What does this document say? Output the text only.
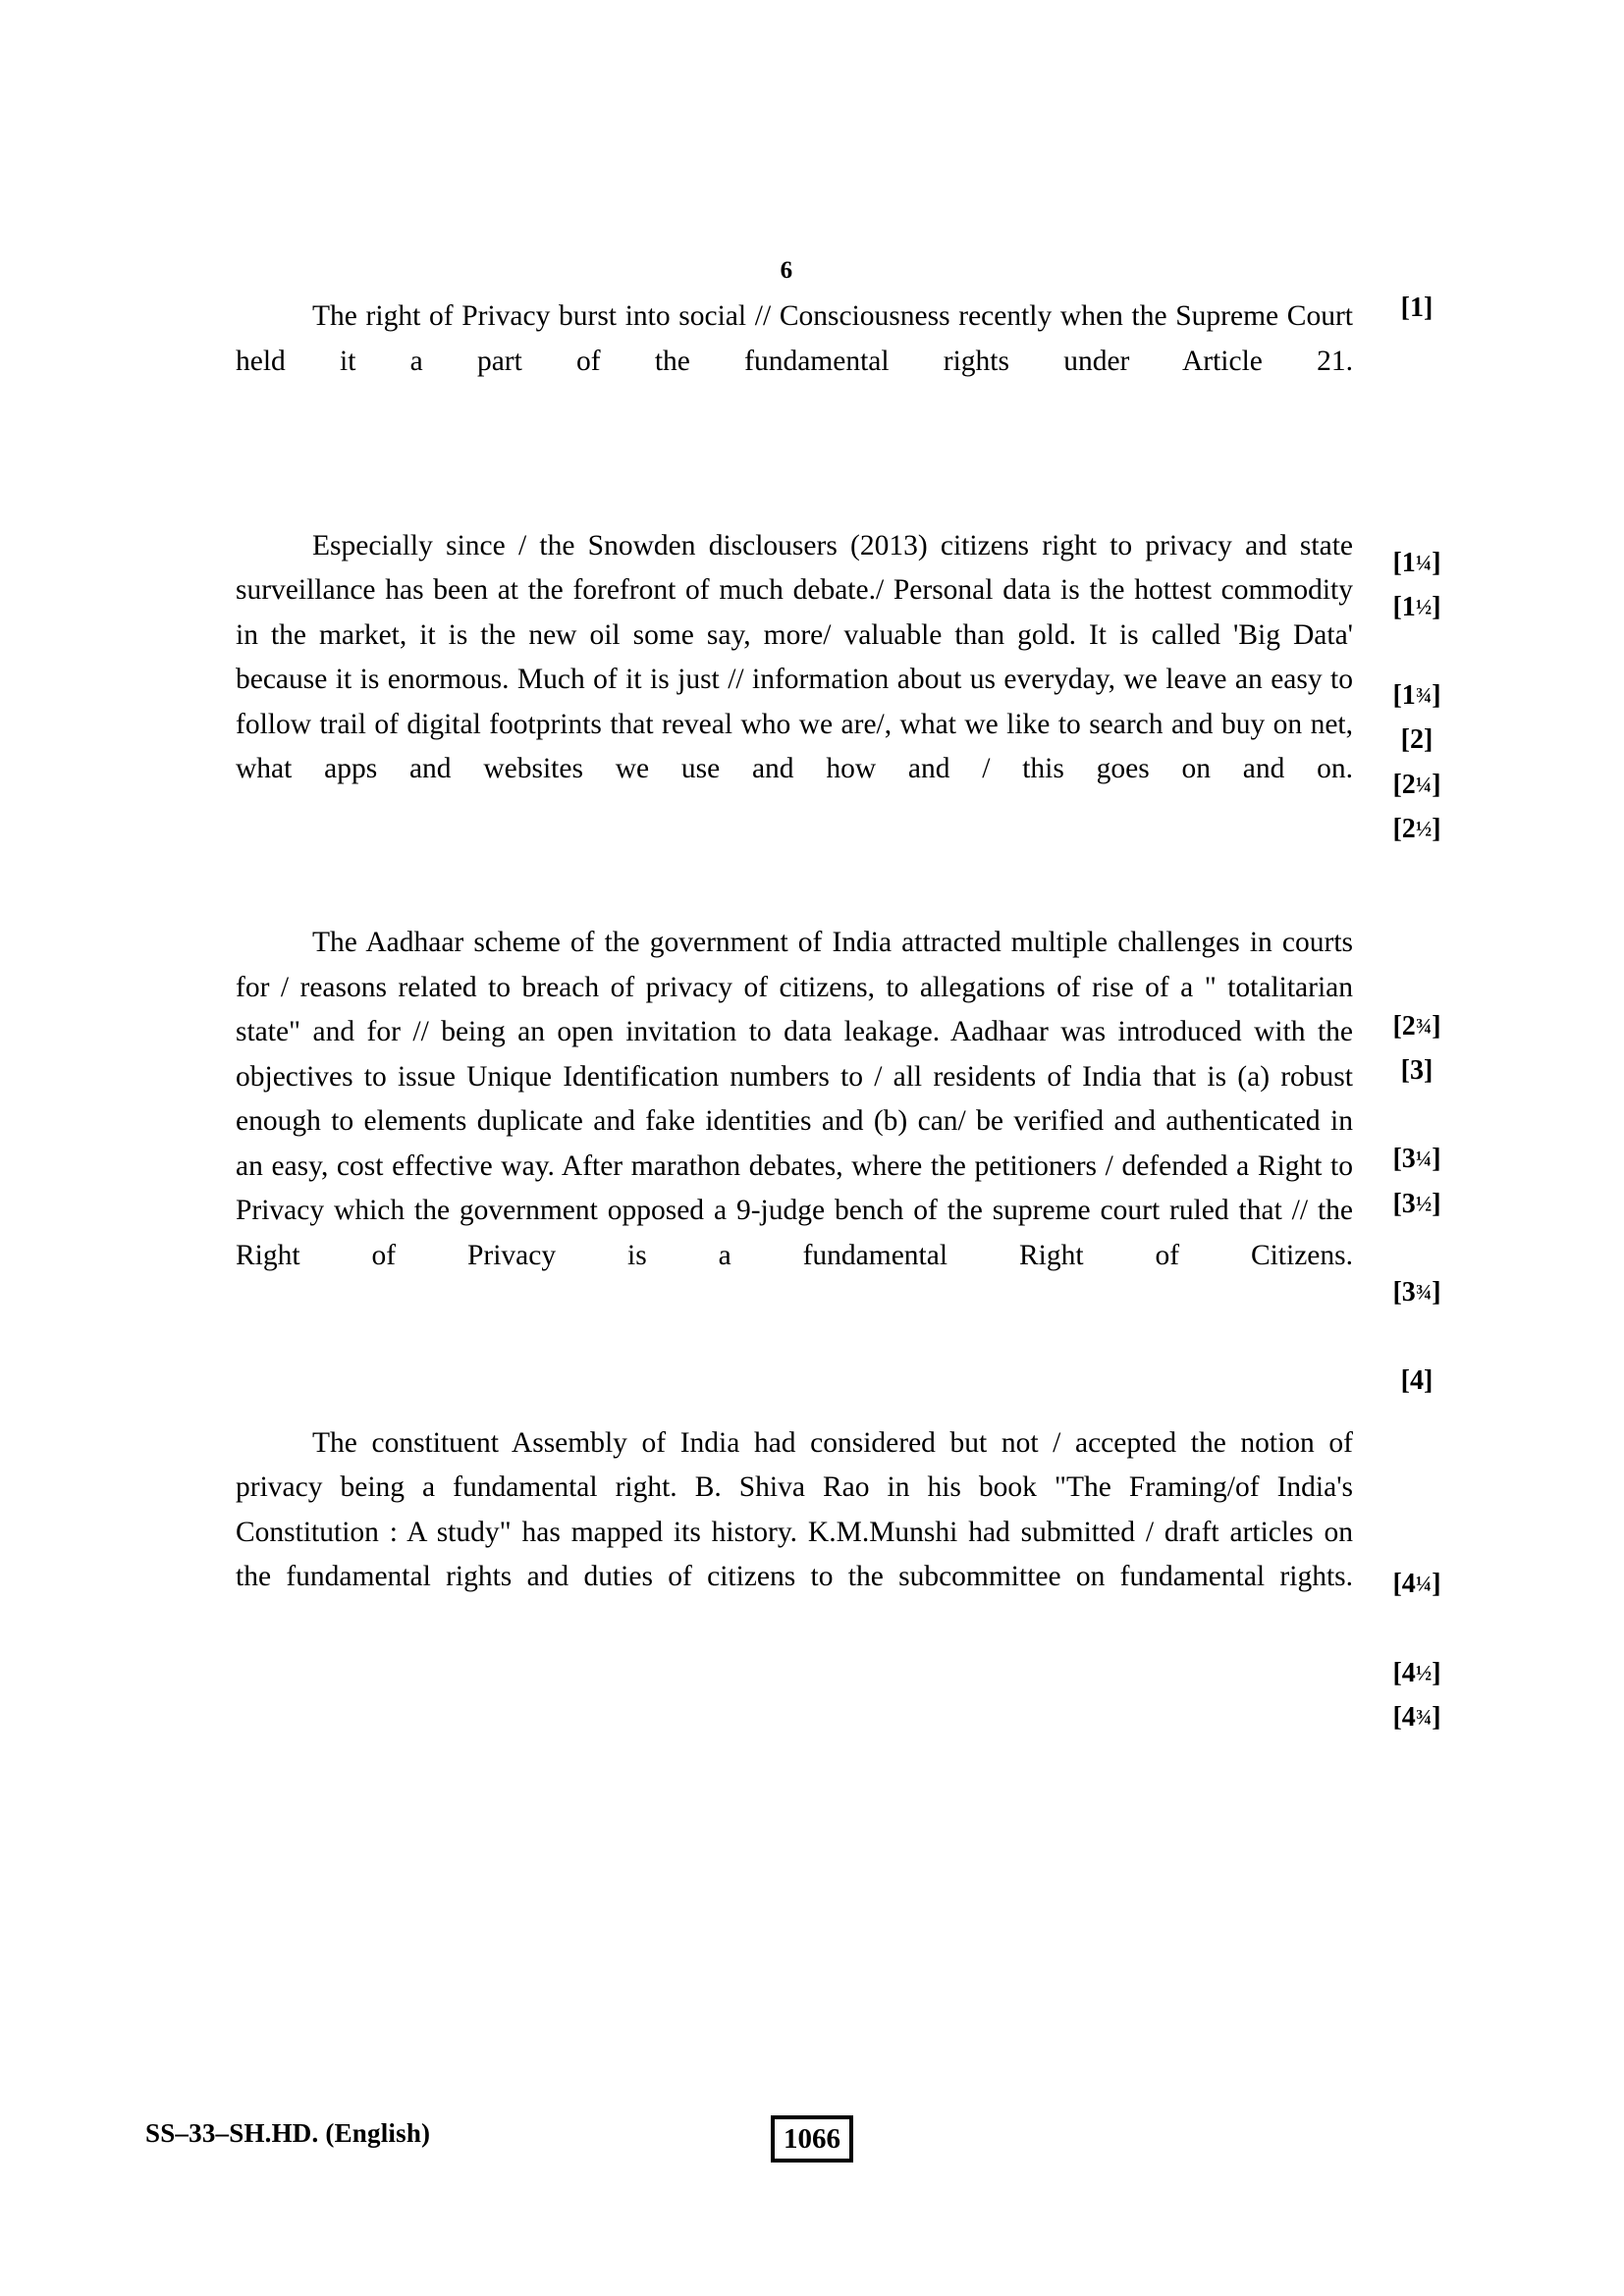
6

The right of Privacy burst into social // Consciousness recently when the Supreme Court held it a part of the fundamental rights under Article 21.

Especially since / the Snowden disclousers (2013) citizens right to privacy and state surveillance has been at the forefront of much debate./ Personal data is the hottest commodity in the market, it is the new oil some say, more/ valuable than gold. It is called 'Big Data' because it is enormous. Much of it is just // information about us everyday, we leave an easy to follow trail of digital footprints that reveal who we are/, what we like to search and buy on net, what apps and websites we use and how and / this goes on and on.

The Aadhaar scheme of the government of India attracted multiple challenges in courts for / reasons related to breach of privacy of citizens, to allegations of rise of a " totalitarian state" and for // being an open invitation to data leakage. Aadhaar was introduced with the objectives to issue Unique Identification numbers to / all residents of India that is (a) robust enough to elements duplicate and fake identities and (b) can/ be verified and authenticated in an easy, cost effective way. After marathon debates, where the petitioners / defended a Right to Privacy which the government opposed a 9-judge bench of the supreme court ruled that // the Right of Privacy is a fundamental Right of Citizens.

The constituent Assembly of India had considered but not / accepted the notion of privacy being a fundamental right. B. Shiva Rao in his book "The Framing/of India's Constitution : A study" has mapped its history. K.M.Munshi had submitted / draft articles on the fundamental rights and duties of citizens to the subcommittee on fundamental rights.

[1]
[1¼]
[1½]
[1¾]
[2]
[2¼]
[2½]
[2¾]
[3]
[3¼]
[3½]
[3¾]
[4]
[4¼]
[4½]
[4¾]
SS–33–SH.HD. (English)	1066
